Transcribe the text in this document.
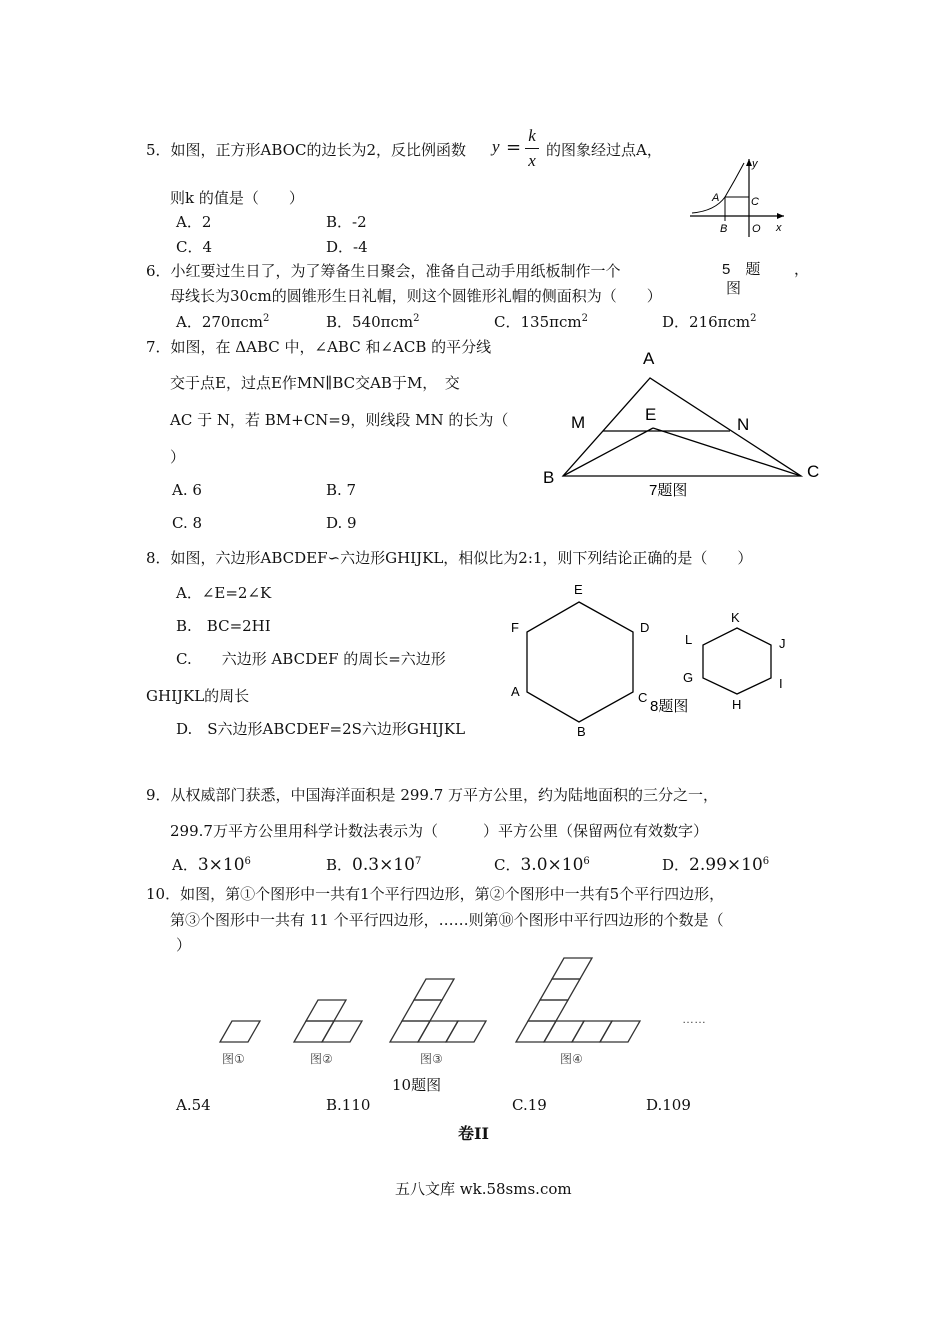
5．如图，正方形ABOC的边长为2，反比例函数 y =
k
x
的图象经过点A，
则k 的值是（　　）
A．2	B．-2
C．4	D．-4
y
x
A
B
C
O
6．小红要过生日了，为了筹备生日聚会，准备自己动手用纸板制作一个	5　题
图
，
母线长为30cm的圆锥形生日礼帽，则这个圆锥形礼帽的侧面积为（　　）
A．270πcm$^2$	B．540πcm$^2$	C．135πcm$^2$	D．216πcm$^2$
7．如图，在 ΔABC 中，∠ABC 和∠ACB 的平分线
交于点E，过点E作MN∥BC交AB于M，　交
AC 于 N，若 BM+CN=9，则线段 MN 的长为（
）
A. 6	B. 7
C. 8	D. 9
A
B	C
M	N
E
7题图
8．如图，六边形ABCDEF∽六边形GHIJKL，相似比为2:1，则下列结论正确的是（　　）
A．∠E=2∠K
B.　BC=2HI
C.　　六边形 ABCDEF 的周长=六边形
GHIJKL的周长
D.　S六边形ABCDEF=2S六边形GHIJKL
E
D
C
B
A
F
K
J
I
H
G
L
8题图
9．从权威部门获悉，中国海洋面积是 299.7 万平方公里，约为陆地面积的三分之一，
299.7万平方公里用科学计数法表示为（　　　）平方公里（保留两位有效数字）
A．$3\times 10^6$	B．$0.3\times 10^7$	C．$3.0\times 10^6$	D．$2.99\times 10^6$
10．如图，第①个图形中一共有1个平行四边形，第②个图形中一共有5个平行四边形，
第③个图形中一共有 11 个平行四边形，……则第⑩个图形中平行四边形的个数是（
）
图①	图②	图③	图④
……
10题图
A.54	B.110	C.19	D.109
卷II
五八文库 wk.58sms.com
